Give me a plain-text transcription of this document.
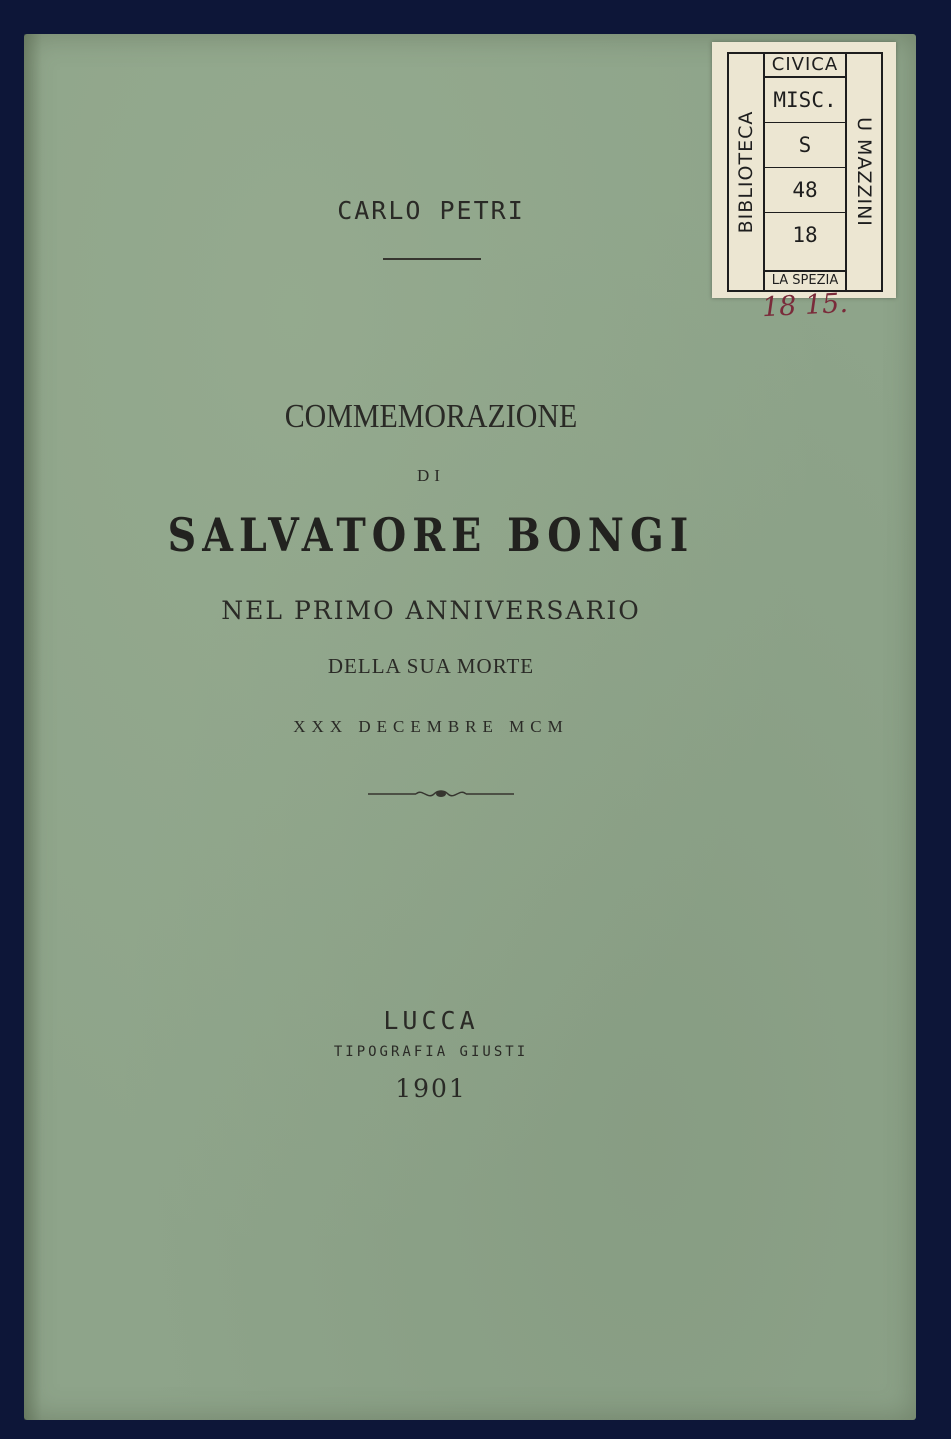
CARLO PETRI
COMMEMORAZIONE
DI
SALVATORE BONGI
NEL PRIMO ANNIVERSARIO
DELLA SUA MORTE
XXX DECEMBRE MCM
LUCCA
TIPOGRAFIA GIUSTI
1901
BIBLIOTECA	U MAZZINI
CIVICA
MISC.
S
48
18
LA SPEZIA
18 15.
